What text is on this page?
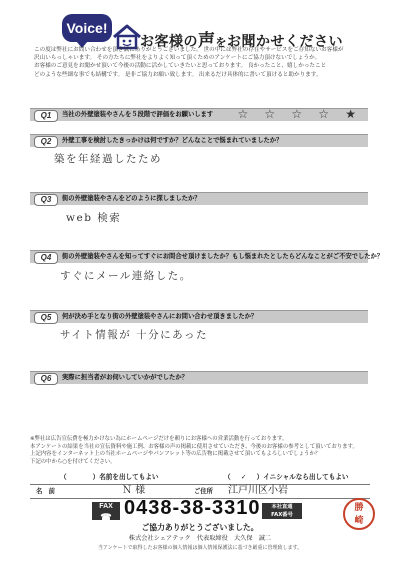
Voice!
お客様の声をお聞かせください

この度は弊社にお問い合わせを頂き誠にありがとうございました。 世の中には弊社の存在やサービスをご存知ないお客様が

沢山いらっしゃいます。 その方たちに弊社をよりよく知って頂くためのアンケートにご協力頂けないでしょうか。

お客様のご意見をお聞かせ頂いて今後の活動に活かしていきたいと思っております。 良かったこと、嬉しかったこと

どのような些細な事でも結構です。 是非ご協力お願い致します。 出来るだけ具体的に書いて頂けると助かります。

Q1	当社の外壁塗装やさんを５段階で評価をお願いします ☆ ☆ ☆ ☆ ★
Q2	外壁工事を検討したきっかけは何ですか？どんなことで悩まれていましたか？
築を年経過したため
Q3	街の外壁塗装やさんをどのように探しましたか？
web 検索
Q4	街の外壁塗装やさんを知ってすぐにお問合せ頂けましたか？もし悩まれたとしたらどんなことがご不安でしたか？
すぐにメール連絡した。
Q5	何が決め手となり街の外壁塗装やさんにお問い合わせ頂きましたか？
サイト情報が 十分にあった
Q6	実際に担当者がお伺いしていかがでしたか？

※弊社は広告宣伝費を極力かけない為にホームページだけを頼りにお客様への営業活動を行っております。

本アンケートの結果を当社の宣伝資料や施工例、お客様の声の掲載に使用させていただき、今後のお客様の参考として頂いております。

上記内容をインターネット上の当社ホームページやパンフレット等の広告物に掲載させて頂いてもよろしいでしょうか？

下記の中から○を付けてください。

（	）名前を出してもよい	（ ✓ ）イニシャルなら出してもよい
名　前	Ｎ 様	ご住所 江戸川区小岩
FAX
☎ 0438-38-3310	本社直通
FAX番号
勝
崎
ご協力ありがとうございました。
株式会社シェアテック　代表取締役　大久保　誠二
当アンケートで取得したお客様の個人情報は個人情報保護法に基づき厳重に管理致します。
